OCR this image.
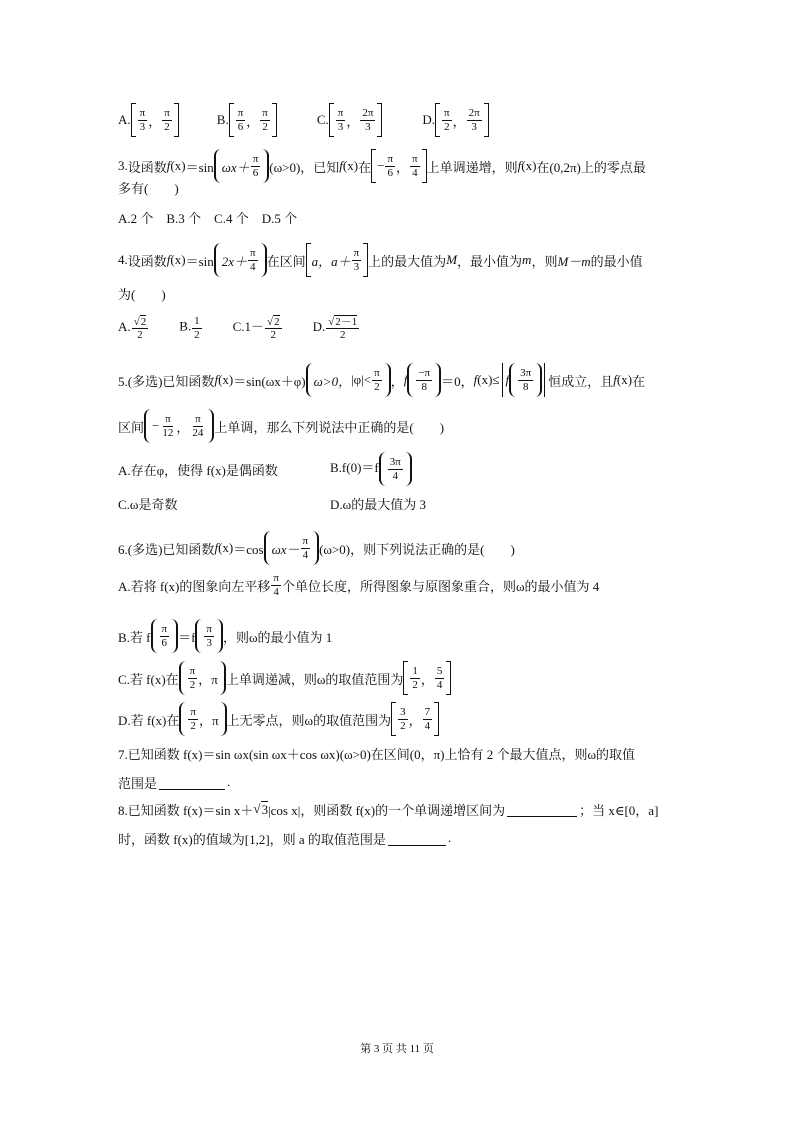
A. $\frac{\pi}{3}$ ， $\frac{\pi}{2}$	B. $\frac{\pi}{6}$ ， $\frac{\pi}{2}$	C. $\frac{\pi}{3}$ ， $\frac{2\pi}{3}$	D. $\frac{\pi}{2}$ ， $\frac{2\pi}{3}$
3. 设函数 f (x) ＝sin $\omega x+ \frac{\pi}{6} (\omega>0)$，已知 f (x) 在 − $\frac{\pi}{6}$ ， $\frac{\pi}{4}$ 上单调递增，则 f (x) 在(0,2π)上的零点最
多有(　　)
A.2 个　B.3 个　C.4 个　D.5 个
4. 设函数 f (x) ＝sin $2x+ \frac{\pi}{4}$ 在区间 a，$a+ \frac{\pi}{3}$ 上的最大值为 M ，最小值为 m ，则 M－m 的最小值
为(　　)
A. $\frac{√2}{2} B$. $\frac{1}{2} C.1- \frac{√2}{2} D$. $\frac{√2-1}{2}$
5.(多选) 已知函数 f (x) ＝sin(ωx＋φ) ω>0， $|\varphi|< \frac{\pi}{2}$ ， f $\frac{-\pi}{8} =0$， f (x) ≤ f $\frac{3\pi}{8}$ 恒成立，且 f (x) 在
区间 − $\frac{\pi}{12}$ ， $\frac{\pi}{24}$ 上单调，那么下列说法中正确的是(　　)
A.存在φ，使得 f(x)是偶函数	$B.f(0)=f \frac{3\pi}{4}$
C.ω是奇数	D.ω的最大值为 3
6.(多选) 已知函数 f (x) ＝cos $\omega x- \frac{\pi}{4} (\omega>0)$，则下列说法正确的是(　　)
A.若将 f(x)的图象向左平移 $\frac{\pi}{4}$ 个单位长度，所得图象与原图象重合，则ω的最小值为 4
B.若 f $\frac{\pi}{6} =f \frac{\pi}{3}$ ，则ω的最小值为 1
C.若 f(x)在 $\frac{\pi}{2}$ ，π 上单调递减，则ω的取值范围为 $\frac{1}{2}$ ， $\frac{5}{4}$
D.若 f(x)在 $\frac{\pi}{2}$ ，π 上无零点，则ω的取值范围为 $\frac{3}{2}$ ， $\frac{7}{4}$
7.已知函数 f(x)＝sin ωx(sin ωx＋cos ωx)(ω>0)在区间(0，π)上恰有 2 个最大值点，则ω的取值
范围是	.
8.已知函数 f(x)＝sin x＋ √ 3 |cos x|，则函数 f(x)的一个单调递增区间为	；当 x∈[0，a]
时，函数 f(x)的值域为[1,2]，则 a 的取值范围是	.
第 3 页 共 11 页
